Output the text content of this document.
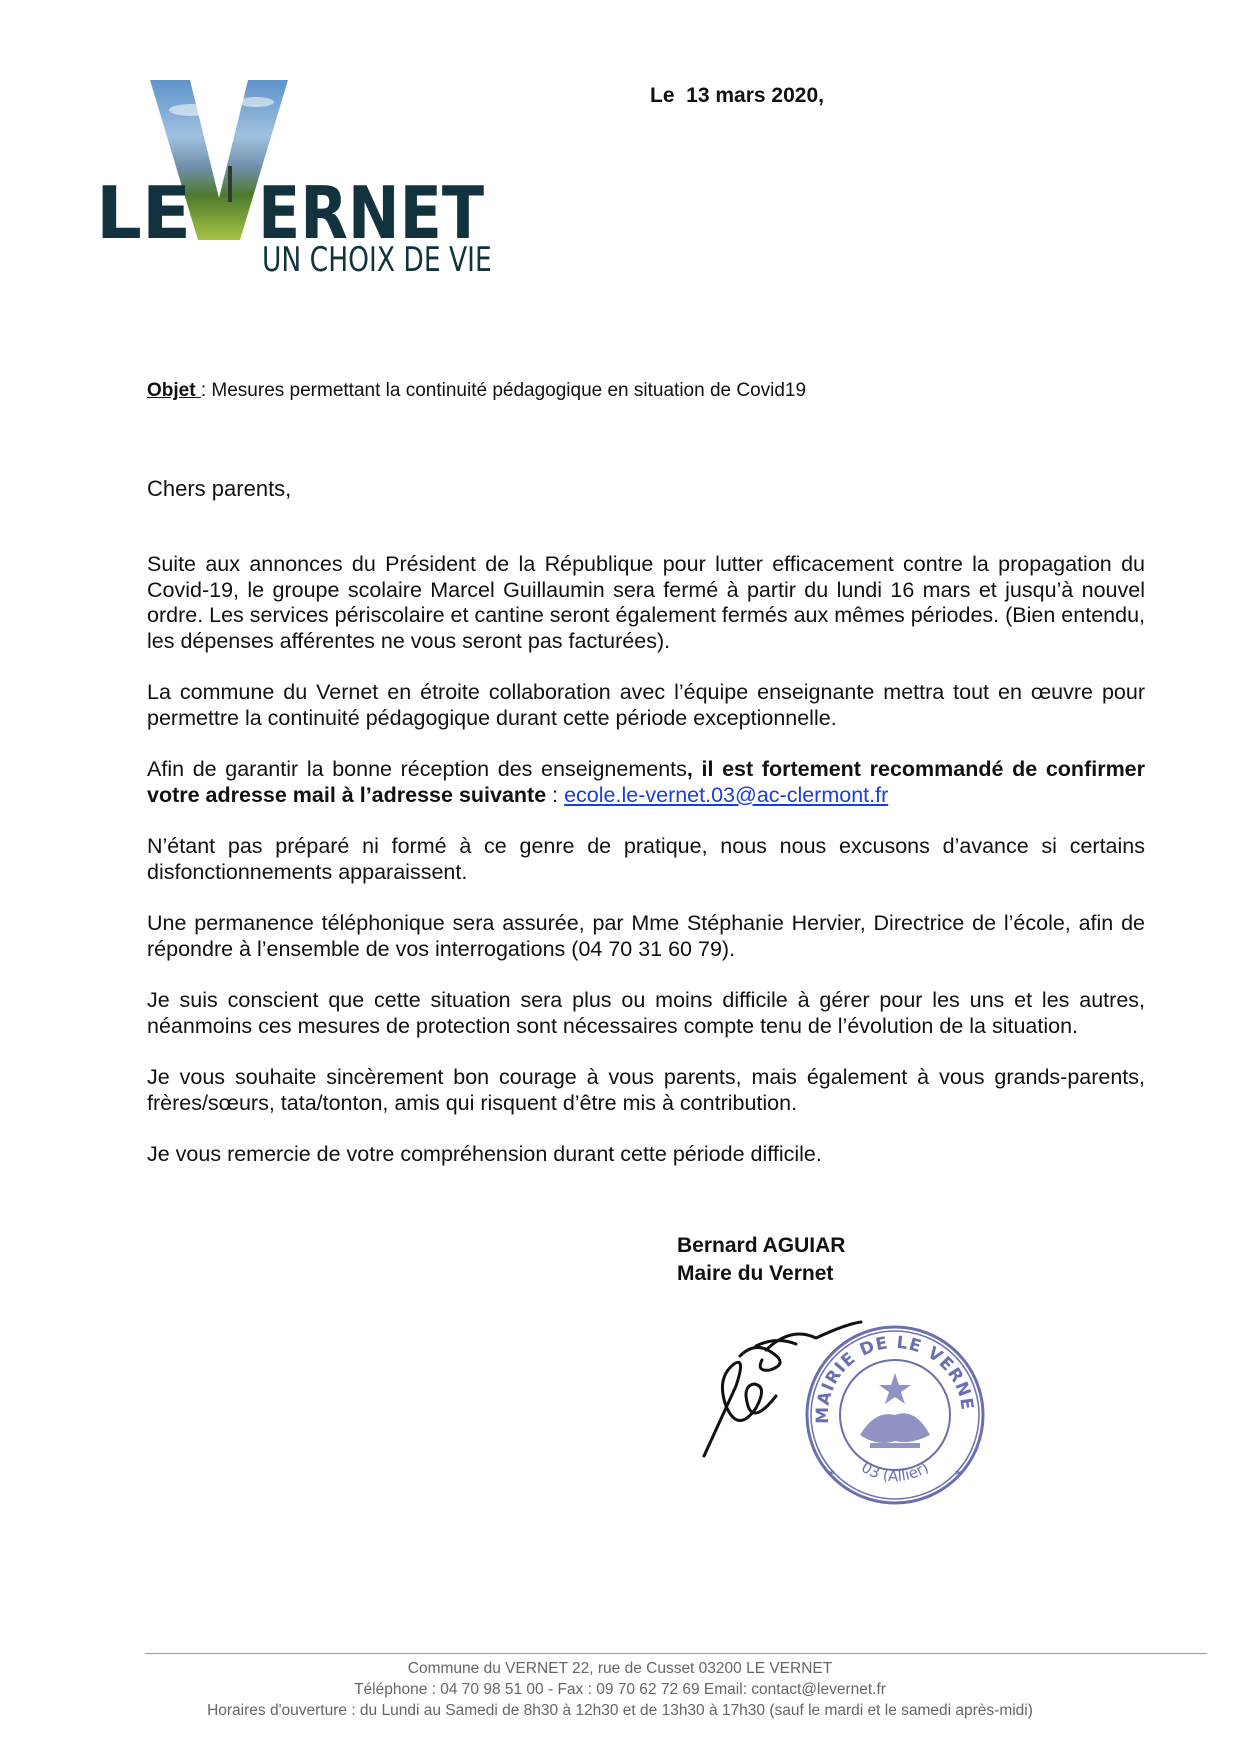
LE ERNET
UN CHOIX DE VIE
Le  13 mars 2020,
Objet : Mesures permettant la continuité pédagogique en situation de Covid19
Chers parents,

Suite aux annonces du Président de la République pour lutter efficacement contre la propagation du Covid-19, le groupe scolaire Marcel Guillaumin sera fermé à partir du lundi 16 mars et jusqu’à nouvel ordre. Les services périscolaire et cantine seront également fermés aux mêmes périodes. (Bien entendu, les dépenses afférentes ne vous seront pas facturées).

La commune du Vernet en étroite collaboration avec l’équipe enseignante mettra tout en œuvre pour permettre la continuité pédagogique durant cette période exceptionnelle.

Afin de garantir la bonne réception des enseignements, il est fortement recommandé de confirmer votre adresse mail à l’adresse suivante : ecole.le-vernet.03@ac-clermont.fr

N’étant pas préparé ni formé à ce genre de pratique, nous nous excusons d’avance si certains disfonctionnements apparaissent.

Une permanence téléphonique sera assurée, par Mme Stéphanie Hervier, Directrice de l’école, afin de répondre à l’ensemble de vos interrogations (04 70 31 60 79).

Je suis conscient que cette situation sera plus ou moins difficile à gérer pour les uns et les autres, néanmoins ces mesures de protection sont nécessaires compte tenu de l’évolution de la situation.

Je vous souhaite sincèrement bon courage à vous parents, mais également à vous grands-parents, frères/sœurs, tata/tonton, amis qui risquent d’être mis à contribution.

Je vous remercie de votre compréhension durant cette période difficile.

Bernard AGUIAR
Maire du Vernet
MAIRIE DE LE VERNE
03 (Allier)
*	*
Commune du VERNET 22, rue de Cusset 03200 LE VERNET
Téléphone : 04 70 98 51 00 - Fax : 09 70 62 72 69 Email: contact@levernet.fr
Horaires d'ouverture : du Lundi au Samedi de 8h30 à 12h30 et de 13h30 à 17h30 (sauf le mardi et le samedi après-midi)
